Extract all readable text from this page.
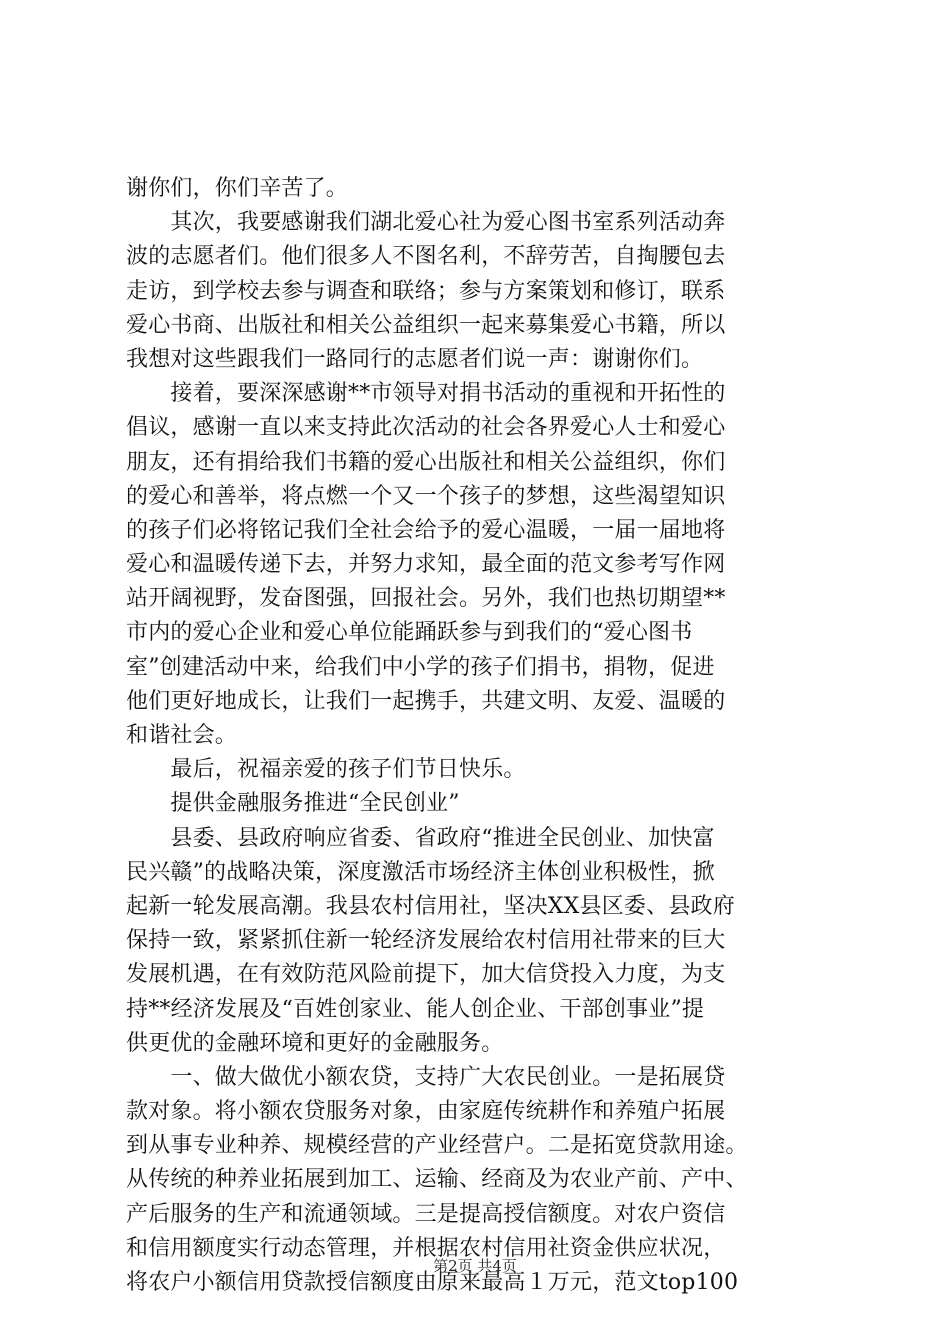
谢你们，你们辛苦了。
　　其次，我要感谢我们湖北爱心社为爱心图书室系列活动奔
波的志愿者们。他们很多人不图名利，不辞劳苦，自掏腰包去
走访，到学校去参与调查和联络；参与方案策划和修订，联系
爱心书商、出版社和相关公益组织一起来募集爱心书籍，所以
我想对这些跟我们一路同行的志愿者们说一声：谢谢你们。
　　接着，要深深感谢**市领导对捐书活动的重视和开拓性的
倡议，感谢一直以来支持此次活动的社会各界爱心人士和爱心
朋友，还有捐给我们书籍的爱心出版社和相关公益组织，你们
的爱心和善举，将点燃一个又一个孩子的梦想，这些渴望知识
的孩子们必将铭记我们全社会给予的爱心温暖，一届一届地将
爱心和温暖传递下去，并努力求知，最全面的范文参考写作网
站开阔视野，发奋图强，回报社会。另外，我们也热切期望**
市内的爱心企业和爱心单位能踊跃参与到我们的“爱心图书
室”创建活动中来，给我们中小学的孩子们捐书，捐物，促进
他们更好地成长，让我们一起携手，共建文明、友爱、温暖的
和谐社会。
　　最后，祝福亲爱的孩子们节日快乐。
　　提供金融服务推进“全民创业”
　　县委、县政府响应省委、省政府“推进全民创业、加快富
民兴赣”的战略决策，深度激活市场经济主体创业积极性，掀
起新一轮发展高潮。我县农村信用社，坚决XX县区委、县政府
保持一致，紧紧抓住新一轮经济发展给农村信用社带来的巨大
发展机遇，在有效防范风险前提下，加大信贷投入力度，为支
持**经济发展及“百姓创家业、能人创企业、干部创事业”提
供更优的金融环境和更好的金融服务。
　　一、做大做优小额农贷，支持广大农民创业。一是拓展贷
款对象。将小额农贷服务对象，由家庭传统耕作和养殖户拓展
到从事专业种养、规模经营的产业经营户。二是拓宽贷款用途。
从传统的种养业拓展到加工、运输、经商及为农业产前、产中、
产后服务的生产和流通领域。三是提高授信额度。对农户资信
和信用额度实行动态管理，并根据农村信用社资金供应状况，
将农户小额信用贷款授信额度由原来最高１万元，范文top100
第2页 共4页
